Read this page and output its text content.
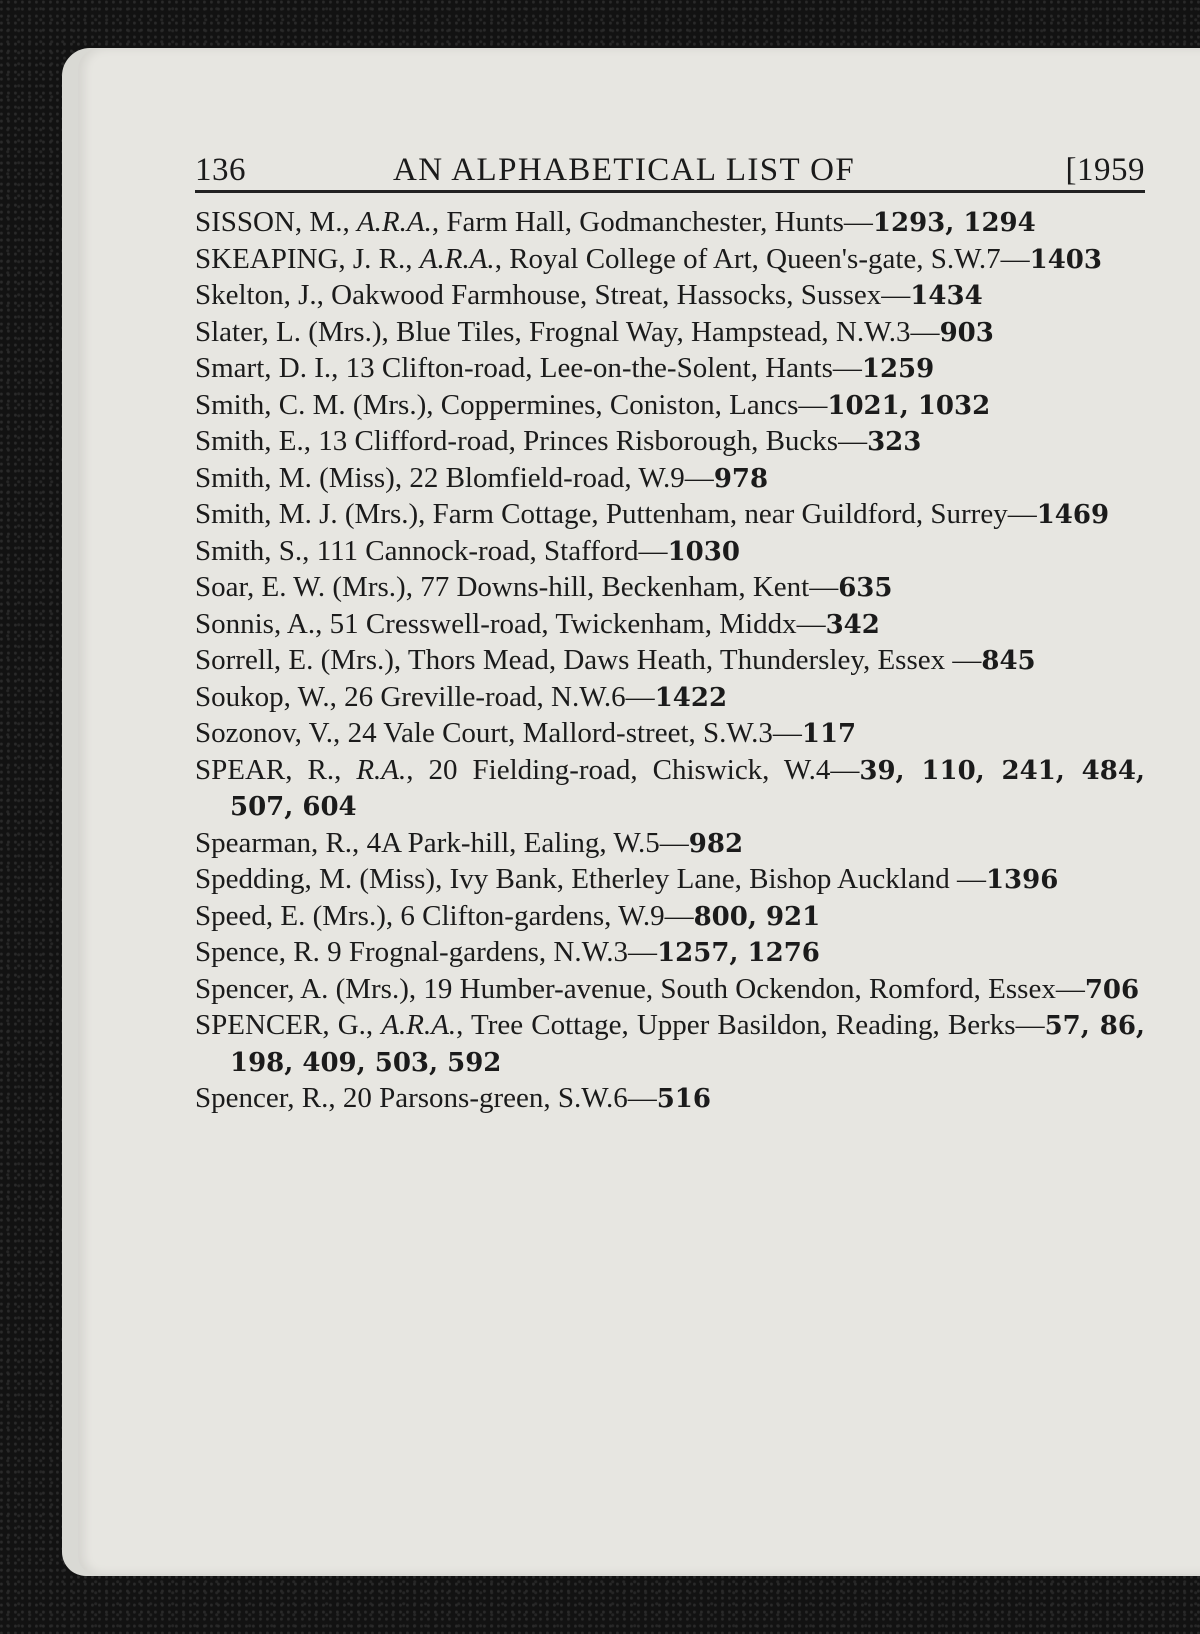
136	AN ALPHABETICAL LIST OF	[1959
SISSON, M., A.R.A., Farm Hall, Godmanchester, Hunts—1293, 1294
SKEAPING, J. R., A.R.A., Royal College of Art, Queen's-gate, S.W.7—1403
Skelton, J., Oakwood Farmhouse, Streat, Hassocks, Sussex—1434
Slater, L. (Mrs.), Blue Tiles, Frognal Way, Hampstead, N.W.3—903
Smart, D. I., 13 Clifton-road, Lee-on-the-Solent, Hants—1259
Smith, C. M. (Mrs.), Coppermines, Coniston, Lancs—1021, 1032
Smith, E., 13 Clifford-road, Princes Risborough, Bucks—323
Smith, M. (Miss), 22 Blomfield-road, W.9—978
Smith, M. J. (Mrs.), Farm Cottage, Puttenham, near Guildford, Surrey—1469
Smith, S., 111 Cannock-road, Stafford—1030
Soar, E. W. (Mrs.), 77 Downs-hill, Beckenham, Kent—635
Sonnis, A., 51 Cresswell-road, Twickenham, Middx—342
Sorrell, E. (Mrs.), Thors Mead, Daws Heath, Thundersley, Essex —845
Soukop, W., 26 Greville-road, N.W.6—1422
Sozonov, V., 24 Vale Court, Mallord-street, S.W.3—117
SPEAR, R., R.A., 20 Fielding-road, Chiswick, W.4—39, 110, 241, 484, 507, 604
Spearman, R., 4A Park-hill, Ealing, W.5—982
Spedding, M. (Miss), Ivy Bank, Etherley Lane, Bishop Auckland —1396
Speed, E. (Mrs.), 6 Clifton-gardens, W.9—800, 921
Spence, R. 9 Frognal-gardens, N.W.3—1257, 1276
Spencer, A. (Mrs.), 19 Humber-avenue, South Ockendon, Romford, Essex—706
SPENCER, G., A.R.A., Tree Cottage, Upper Basildon, Reading, Berks—57, 86, 198, 409, 503, 592
Spencer, R., 20 Parsons-green, S.W.6—516
